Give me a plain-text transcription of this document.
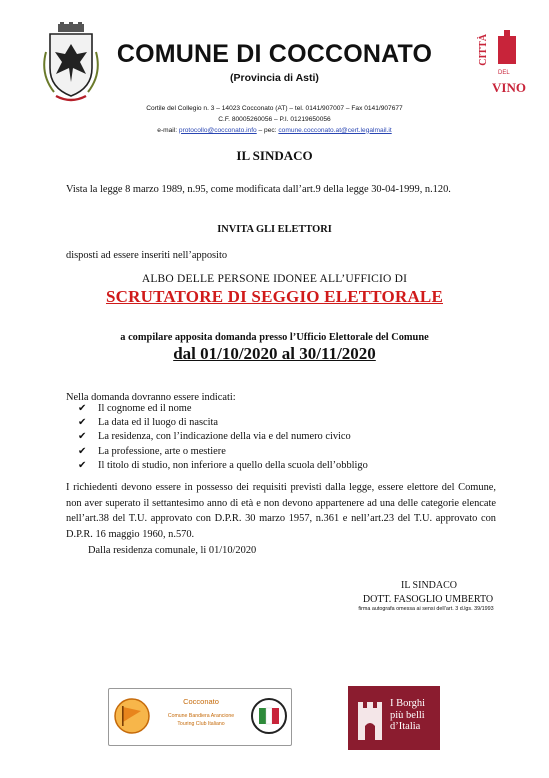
COMUNE DI COCCONATO
(Provincia di Asti)
CITTÀ
DEL
VINO
Cortile del Collegio n. 3 – 14023 Cocconato (AT) – tel. 0141/907007 – Fax 0141/907677
C.F. 80005260056 – P.I. 01219650056
e-mail: protocollo@cocconato.info – pec: comune.cocconato.at@cert.legalmail.it
IL SINDACO
Vista la legge 8 marzo 1989, n.95, come modificata dall’art.9 della legge 30-04-1999, n.120.
INVITA GLI ELETTORI
disposti ad essere inseriti nell’apposito
ALBO DELLE PERSONE IDONEE ALL’UFFICIO DI
SCRUTATORE DI SEGGIO ELETTORALE
a compilare apposita domanda presso l’Ufficio Elettorale del Comune
dal 01/10/2020 al 30/11/2020
Nella domanda dovranno essere indicati:
✔ Il cognome ed il nome
✔ La data ed il luogo di nascita
✔ La residenza, con l’indicazione della via e del numero civico
✔ La professione, arte o mestiere
✔ Il titolo di studio, non inferiore a quello della scuola dell’obbligo
I richiedenti devono essere in possesso dei requisiti previsti dalla legge, essere elettore del Comune, non aver superato il settantesimo anno di età e non devono appartenere ad una delle categorie elencate nell’art.38 del T.U. approvato con D.P.R. 30 marzo 1957, n.361 e nell’art.23 del T.U. approvato con D.P.R. 16 maggio 1960, n.570.
Dalla residenza comunale, li 01/10/2020
IL SINDACO
DOTT. FASOGLIO UMBERTO
firma autografa omessa ai sensi dell’art. 3 d.lgs. 39/1993
Cocconato
Comune Bandiera Arancione
Touring Club Italiano
I Borghi
più belli
d’Italia
